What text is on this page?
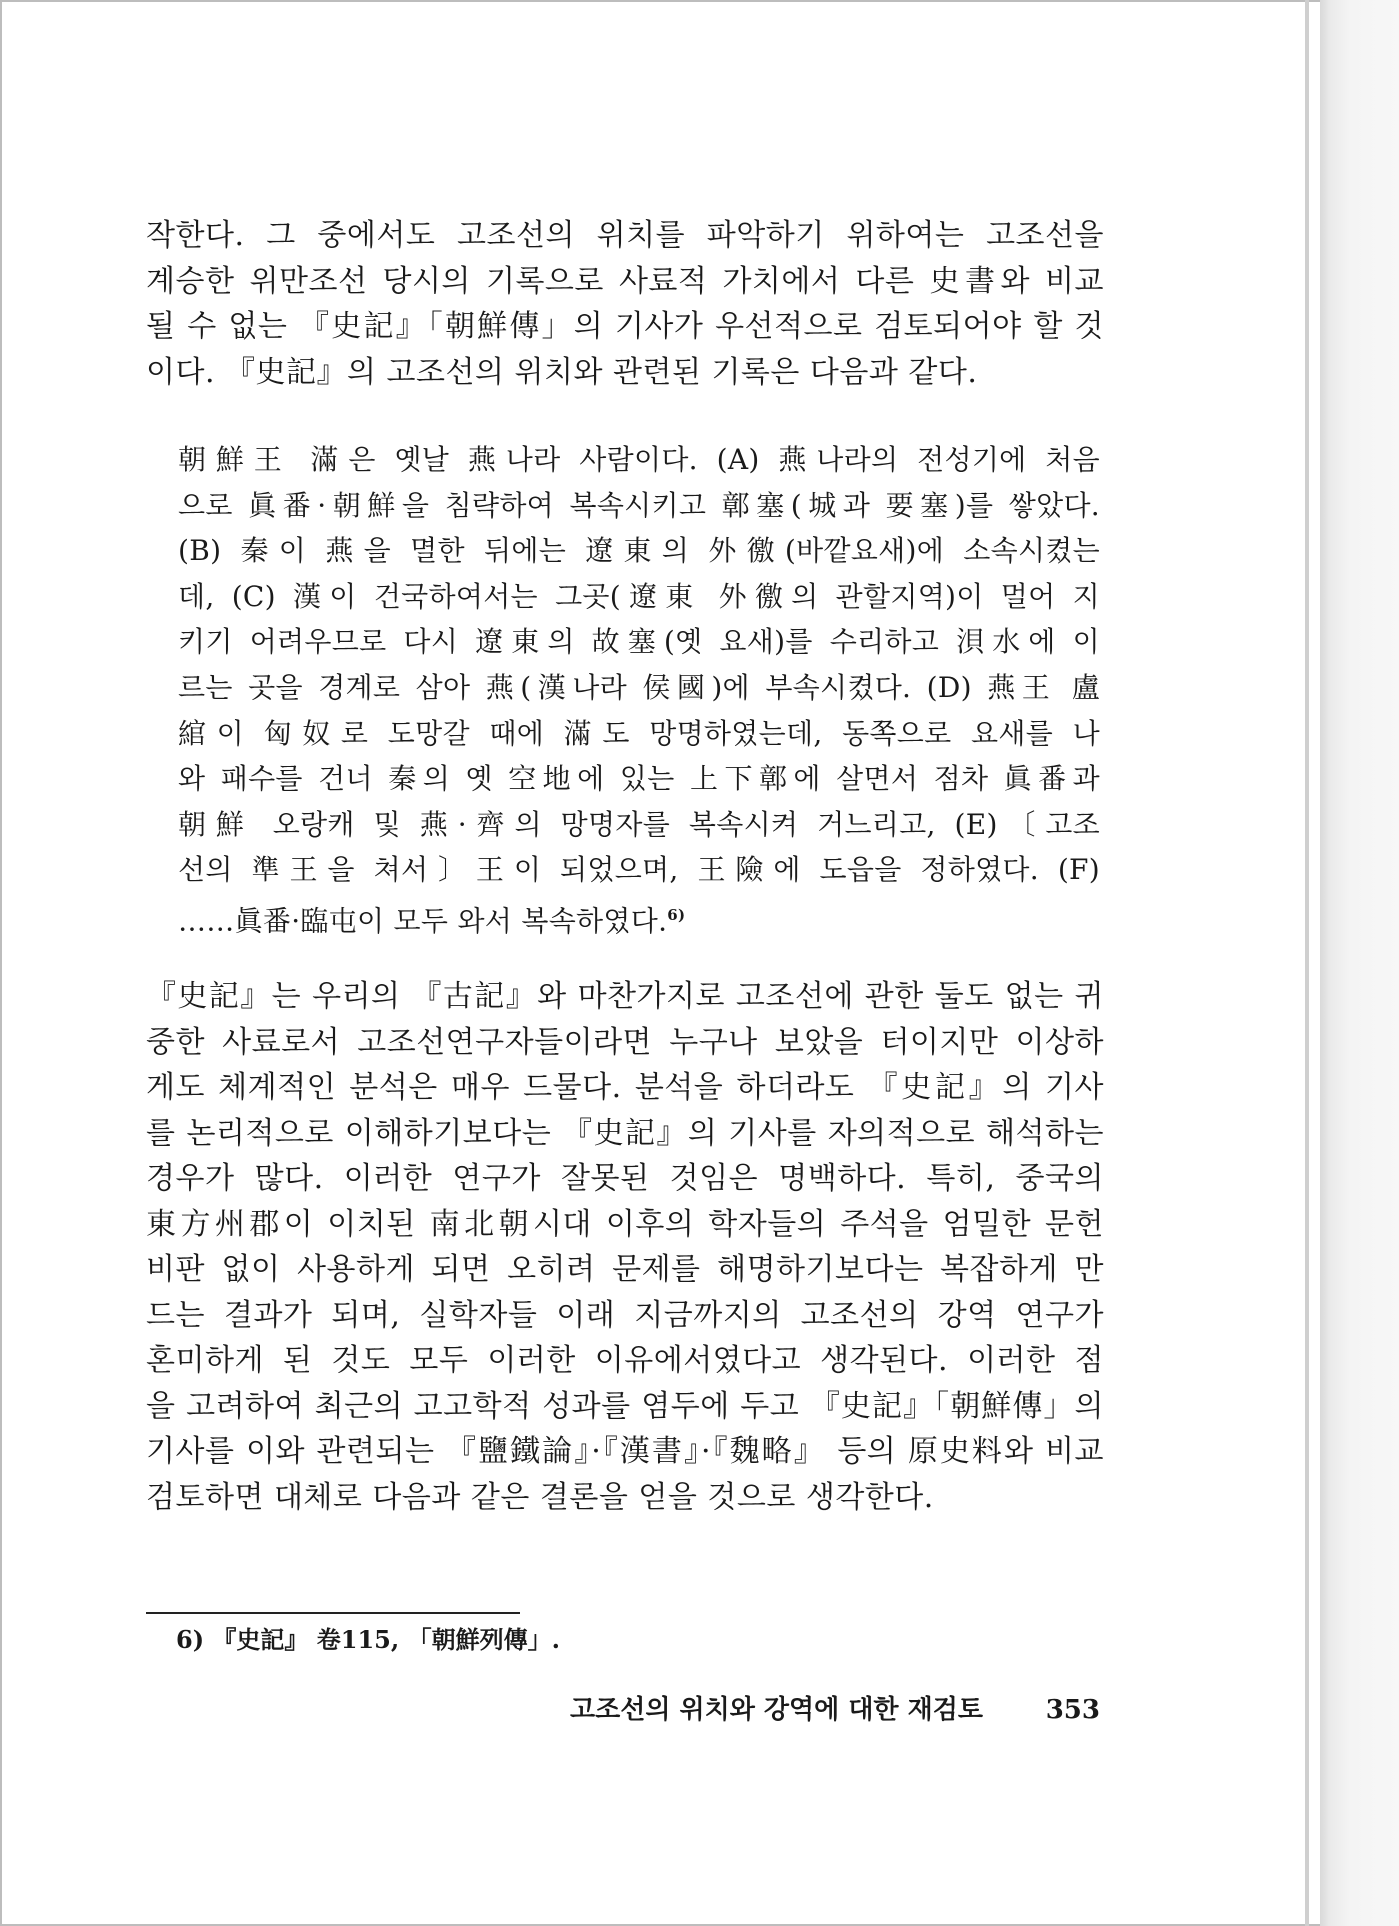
작한다. 그 중에서도 고조선의 위치를 파악하기 위하여는 고조선을
계승한 위만조선 당시의 기록으로 사료적 가치에서 다른 史書와 비교
될 수 없는 『史記』「朝鮮傳」의 기사가 우선적으로 검토되어야 할 것
이다. 『史記』의 고조선의 위치와 관련된 기록은 다음과 같다.
朝鮮王 滿은 옛날 燕나라 사람이다. (A) 燕나라의 전성기에 처음
으로 眞番·朝鮮을 침략하여 복속시키고 鄣塞(城과 要塞)를 쌓았다.
(B) 秦이 燕을 멸한 뒤에는 遼東의 外徼(바깥요새)에 소속시켰는
데, (C) 漢이 건국하여서는 그곳(遼東 外徼의 관할지역)이 멀어 지
키기 어려우므로 다시 遼東의 故塞(옛 요새)를 수리하고 浿水에 이
르는 곳을 경계로 삼아 燕(漢나라 侯國)에 부속시켰다. (D) 燕王 盧
綰이 匈奴로 도망갈 때에 滿도 망명하였는데, 동쪽으로 요새를 나
와 패수를 건너 秦의 옛 空地에 있는 上下鄣에 살면서 점차 眞番과
朝鮮 오랑캐 및 燕·齊의 망명자를 복속시켜 거느리고, (E)〔고조
선의 準王을 쳐서〕王이 되었으며, 王險에 도읍을 정하였다. (F)
……眞番·臨屯이 모두 와서 복속하였다.$^{6)}$
『史記』는 우리의 『古記』와 마찬가지로 고조선에 관한 둘도 없는 귀
중한 사료로서 고조선연구자들이라면 누구나 보았을 터이지만 이상하
게도 체계적인 분석은 매우 드물다. 분석을 하더라도 『史記』의 기사
를 논리적으로 이해하기보다는 『史記』의 기사를 자의적으로 해석하는
경우가 많다. 이러한 연구가 잘못된 것임은 명백하다. 특히, 중국의
東方州郡이 이치된 南北朝시대 이후의 학자들의 주석을 엄밀한 문헌
비판 없이 사용하게 되면 오히려 문제를 해명하기보다는 복잡하게 만
드는 결과가 되며, 실학자들 이래 지금까지의 고조선의 강역 연구가
혼미하게 된 것도 모두 이러한 이유에서였다고 생각된다. 이러한 점
을 고려하여 최근의 고고학적 성과를 염두에 두고 『史記』「朝鮮傳」의
기사를 이와 관련되는 『鹽鐵論』·『漢書』·『魏略』 등의 原史料와 비교
검토하면 대체로 다음과 같은 결론을 얻을 것으로 생각한다.
6) 『史記』 卷115, 「朝鮮列傳」.
고조선의 위치와 강역에 대한 재검토 353
